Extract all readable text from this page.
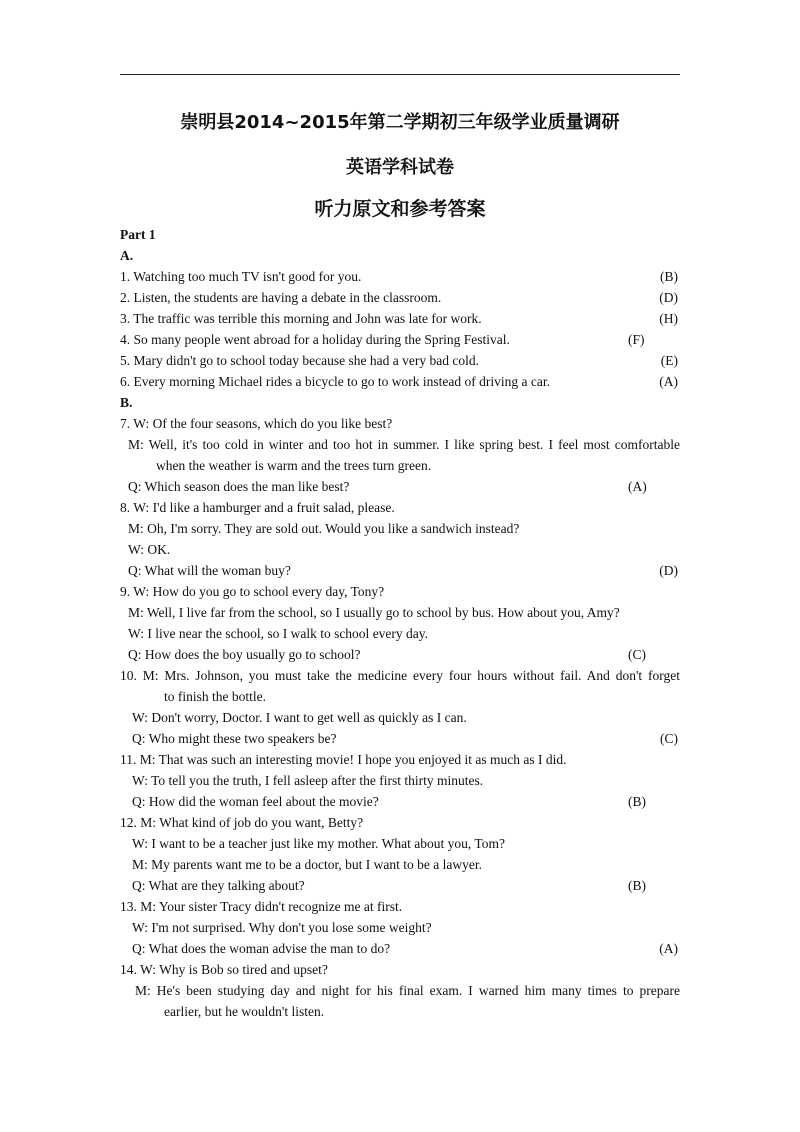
崇明县2014~2015年第二学期初三年级学业质量调研
英语学科试卷
听力原文和参考答案
Part 1
A.
1. Watching too much TV isn't good for you.	(B)
2. Listen, the students are having a debate in the classroom.	(D)
3. The traffic was terrible this morning and John was late for work.	(H)
4. So many people went abroad for a holiday during the Spring Festival.	(F)
5. Mary didn't go to school today because she had a very bad cold.	(E)
6. Every morning Michael rides a bicycle to go to work instead of driving a car.	(A)
B.
7. W: Of the four seasons, which do you like best?
M: Well, it's too cold in winter and too hot in summer. I like spring best. I feel most comfortable
when the weather is warm and the trees turn green.
Q: Which season does the man like best?	(A)
8. W: I'd like a hamburger and a fruit salad, please.
M: Oh, I'm sorry. They are sold out. Would you like a sandwich instead?
W: OK.
Q: What will the woman buy?	(D)
9. W: How do you go to school every day, Tony?
M: Well, I live far from the school, so I usually go to school by bus. How about you, Amy?
W: I live near the school, so I walk to school every day.
Q: How does the boy usually go to school?	(C)
10. M: Mrs. Johnson, you must take the medicine every four hours without fail. And don't forget
to finish the bottle.
W: Don't worry, Doctor. I want to get well as quickly as I can.
Q: Who might these two speakers be?	(C)
11. M: That was such an interesting movie! I hope you enjoyed it as much as I did.
W: To tell you the truth, I fell asleep after the first thirty minutes.
Q: How did the woman feel about the movie?	(B)
12. M: What kind of job do you want, Betty?
W: I want to be a teacher just like my mother. What about you, Tom?
M: My parents want me to be a doctor, but I want to be a lawyer.
Q: What are they talking about?	(B)
13. M: Your sister Tracy didn't recognize me at first.
W: I'm not surprised. Why don't you lose some weight?
Q: What does the woman advise the man to do?	(A)
14. W: Why is Bob so tired and upset?
M: He's been studying day and night for his final exam. I warned him many times to prepare
earlier, but he wouldn't listen.
